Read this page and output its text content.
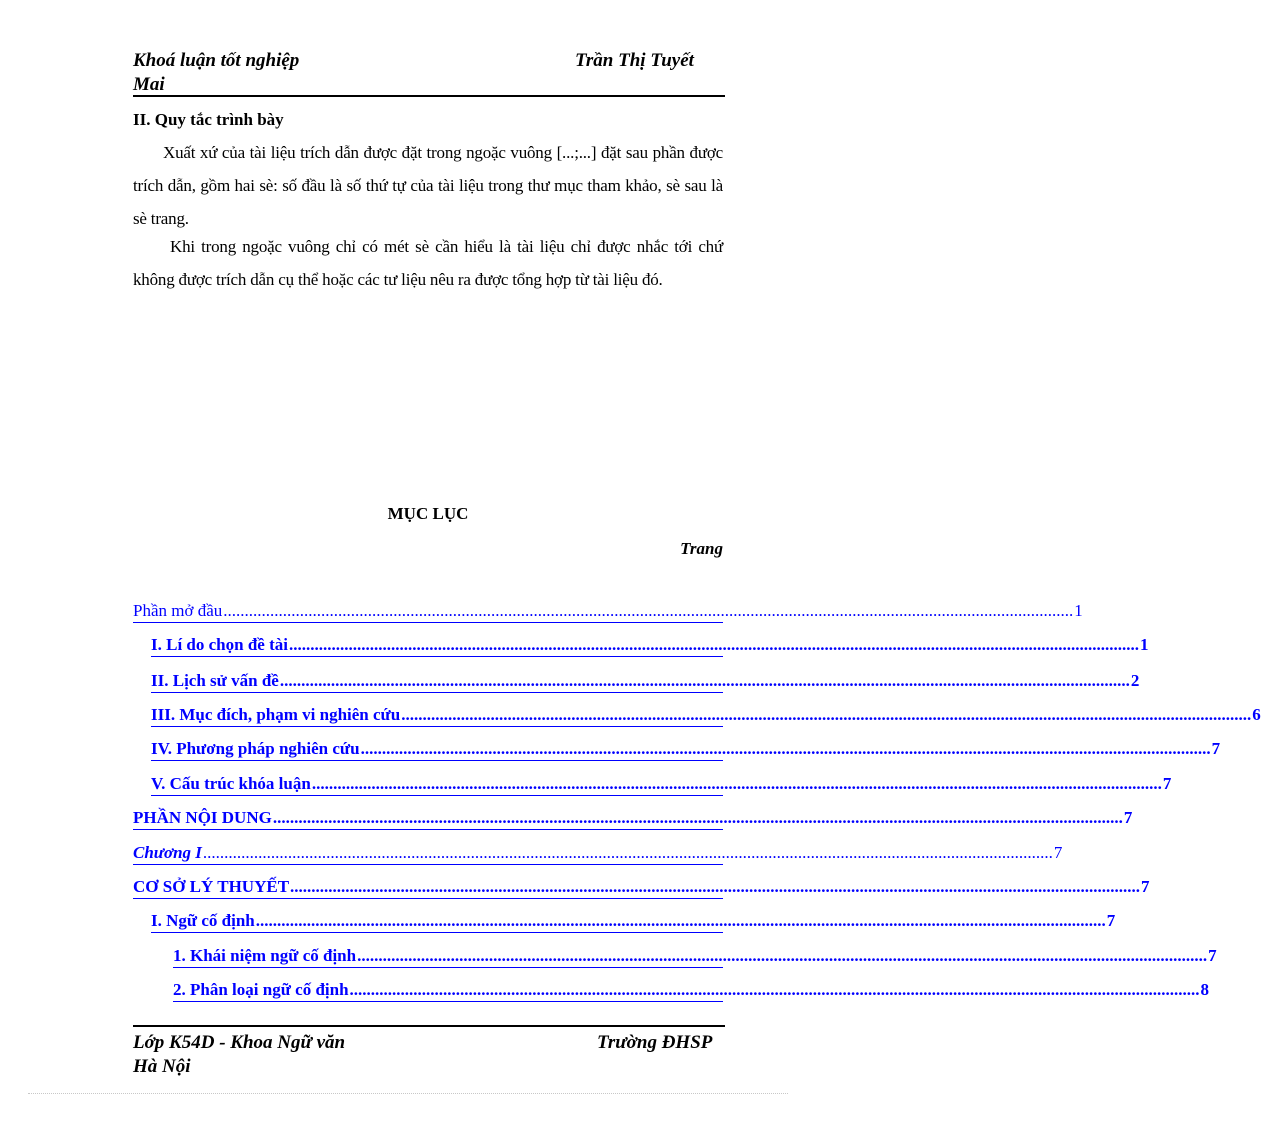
Khoá luận tốt nghiệp	Trần Thị Tuyết
Mai
II. Quy tắc trình bày
Xuất xứ của tài liệu trích dẫn được đặt trong ngoặc vuông [...;...] đặt sau phần được trích dẫn, gồm hai sè: số đầu là số thứ tự của tài liệu trong thư mục tham khảo, sè sau là sè trang.
Khi trong ngoặc vuông chỉ có mét sè cần hiểu là tài liệu chỉ được nhắc tới chứ không được trích dẫn cụ thể hoặc các tư liệu nêu ra được tổng hợp từ tài liệu đó.
MỤC LỤC
Trang
Phần mở đầu ........................................................................................................................................................................................................ 1
I. Lí do chọn đề tài ........................................................................................................................................................................................................ 1
II. Lịch sử vấn đề ........................................................................................................................................................................................................ 2
III. Mục đích, phạm vi nghiên cứu ........................................................................................................................................................................................................ 6
IV. Phương pháp nghiên cứu ........................................................................................................................................................................................................ 7
V. Cấu trúc khóa luận ........................................................................................................................................................................................................ 7
PHẦN NỘI DUNG ........................................................................................................................................................................................................ 7
Chương I ........................................................................................................................................................................................................ 7
CƠ SỞ LÝ THUYẾT ........................................................................................................................................................................................................ 7
I. Ngữ cố định ........................................................................................................................................................................................................ 7
1. Khái niệm ngữ cố định ........................................................................................................................................................................................................ 7
2. Phân loại ngữ cố định ........................................................................................................................................................................................................ 8
Lớp K54D - Khoa Ngữ văn	Trường ĐHSP
Hà Nội
